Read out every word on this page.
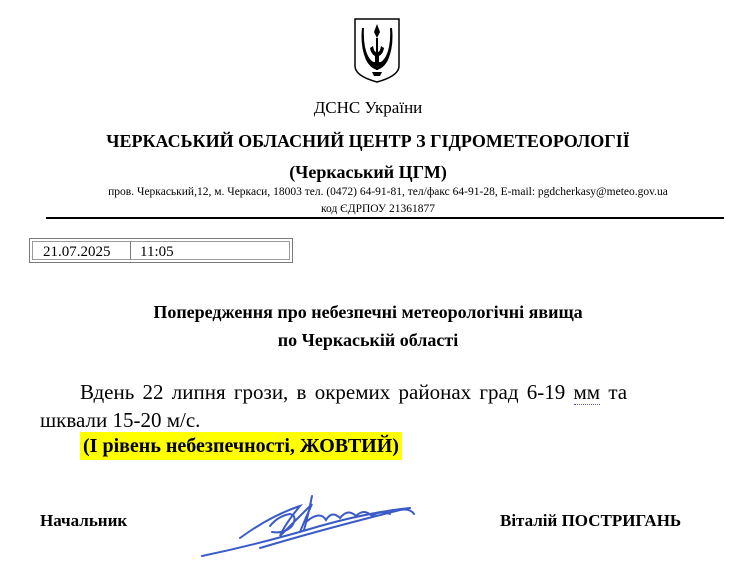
ДСНС України
ЧЕРКАСЬКИЙ ОБЛАСНИЙ ЦЕНТР З ГІДРОМЕТЕОРОЛОГІЇ
(Черкаський ЦГМ)
пров. Черкаський,12, м. Черкаси, 18003 тел. (0472) 64-91-81, тел/факс 64-91-28, E-mail: pgdcherkasy@meteo.gov.ua
код ЄДРПОУ 21361877
21.07.2025 11:05
Попередження про небезпечні метеорологічні явища
по Черкаській області
Вдень 22 липня грози, в окремих районах град 6-19 мм та
шквали 15-20 м/с.
(І рівень небезпечності, ЖОВТИЙ)
Начальник	Віталій ПОСТРИГАНЬ
